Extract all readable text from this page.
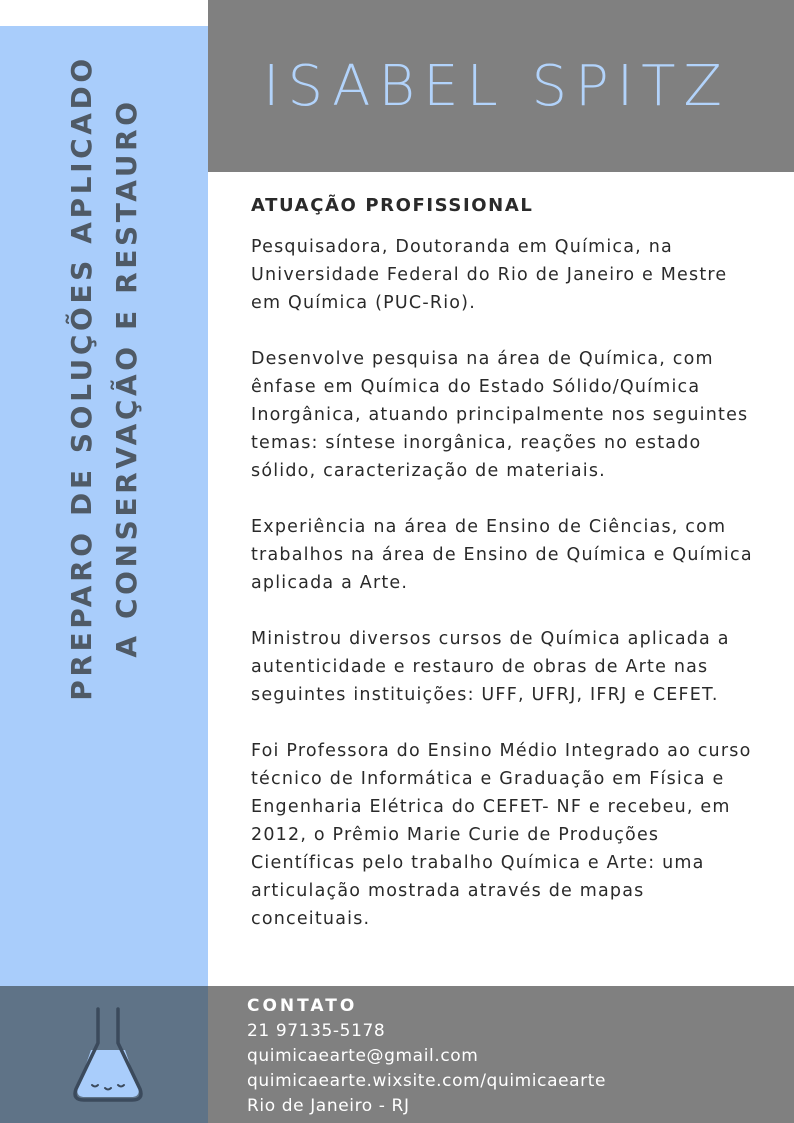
PREPARO DE SOLUÇÕES APLICADO A CONSERVAÇÃO E RESTAURO
ISABEL SPITZ
ATUAÇÃO PROFISSIONAL

Pesquisadora, Doutoranda em Química, na Universidade Federal do Rio de Janeiro e Mestre em Química (PUC-Rio).

Desenvolve pesquisa na área de Química, com ênfase em Química do Estado Sólido/Química Inorgânica, atuando principalmente nos seguintes temas: síntese inorgânica, reações no estado sólido, caracterização de materiais.

Experiência na área de Ensino de Ciências, com trabalhos na área de Ensino de Química e Química aplicada a Arte.

Ministrou diversos cursos de Química aplicada a autenticidade e restauro de obras de Arte nas seguintes instituições: UFF, UFRJ, IFRJ e CEFET.

Foi Professora do Ensino Médio Integrado ao curso técnico de Informática e Graduação em Física e Engenharia Elétrica do CEFET- NF e recebeu, em 2012, o Prêmio Marie Curie de Produções Científicas pelo trabalho Química e Arte: uma articulação mostrada através de mapas conceituais.

CONTATO
21 97135-5178
quimicaearte@gmail.com
quimicaearte.wixsite.com/quimicaearte
Rio de Janeiro - RJ
